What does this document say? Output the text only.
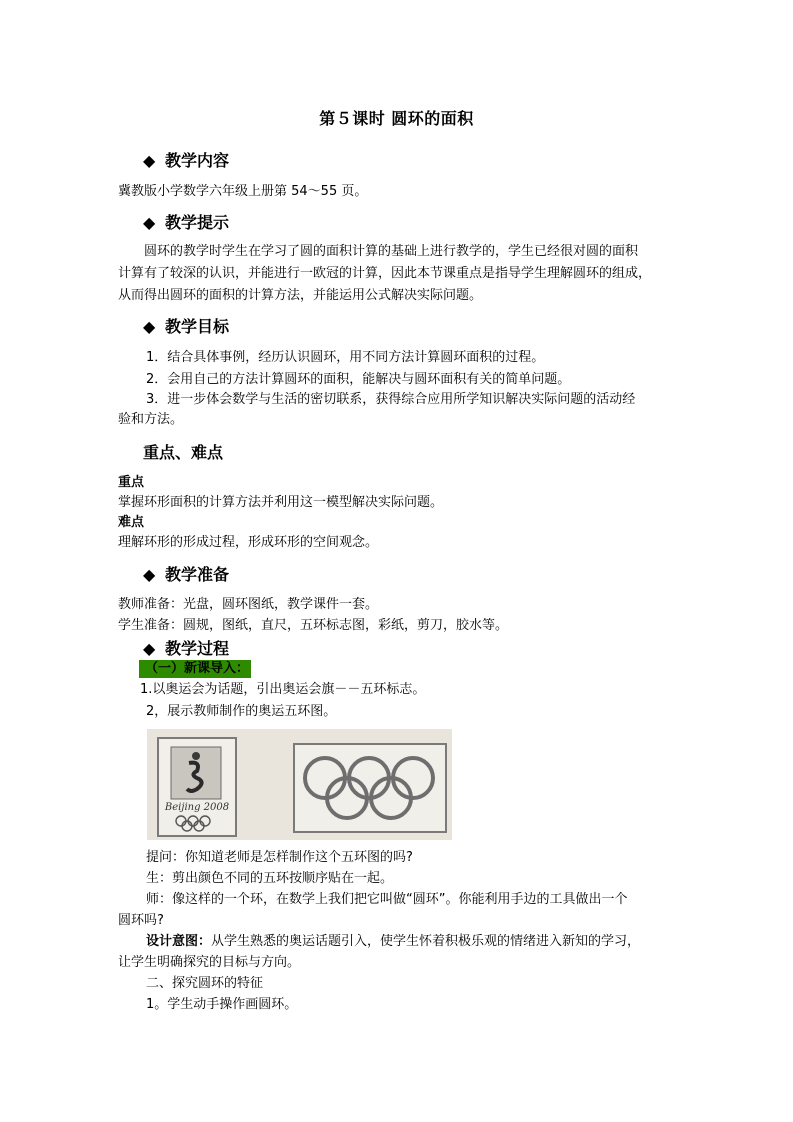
第５课时 圆环的面积
◆ 教学内容
冀教版小学数学六年级上册第 54～55 页。
◆ 教学提示
圆环的教学时学生在学习了圆的面积计算的基础上进行教学的，学生已经很对圆的面积
计算有了较深的认识，并能进行一欧冠的计算，因此本节课重点是指导学生理解圆环的组成，
从而得出圆环的面积的计算方法，并能运用公式解决实际问题。
◆ 教学目标
1．结合具体事例，经历认识圆环，用不同方法计算圆环面积的过程。
2．会用自己的方法计算圆环的面积，能解决与圆环面积有关的简单问题。
3．进一步体会数学与生活的密切联系，获得综合应用所学知识解决实际问题的活动经
验和方法。
重点、难点
重点
掌握环形面积的计算方法并利用这一模型解决实际问题。
难点
理解环形的形成过程，形成环形的空间观念。
◆ 教学准备
教师准备：光盘，圆环图纸，教学课件一套。
学生准备：圆规，图纸，直尺，五环标志图，彩纸，剪刀，胶水等。
◆ 教学过程
（一）新课导入：
1.以奥运会为话题，引出奥运会旗－－五环标志。
2，展示教师制作的奥运五环图。
Beijing 2008
提问：你知道老师是怎样制作这个五环图的吗?
生：剪出颜色不同的五环按顺序贴在一起。
师：像这样的一个环，在数学上我们把它叫做“圆环”。你能利用手边的工具做出一个
圆环吗?
设计意图：从学生熟悉的奥运话题引入，使学生怀着积极乐观的情绪进入新知的学习，
让学生明确探究的目标与方向。
二、探究圆环的特征
1。学生动手操作画圆环。
